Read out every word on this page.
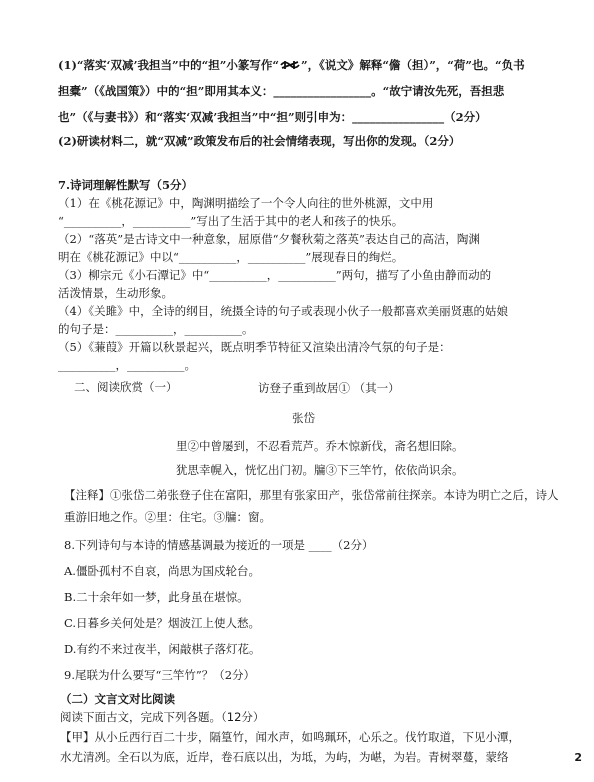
(1)“落实‘双减’我担当”中的“担”小篆写作“ ”，《说文》解释“儋（担）”，“荷”也。“负书
担橐”（《战国策》）中的“担”即用其本义：_________________。“故宁请汝先死，吾担悲
也”（《与妻书》）和“落实‘双减’我担当”中“担”则引申为：________________（2分）
(2)研读材料二，就“双减”政策发布后的社会情绪表现，写出你的发现。（2分）
7.诗词理解性默写（5分）
（1）在《桃花源记》中，陶渊明描绘了一个令人向往的世外桃源，文中用
“__________，__________”写出了生活于其中的老人和孩子的快乐。
（2）“落英”是古诗文中一种意象，屈原借“夕餐秋菊之落英”表达自己的高洁，陶渊
明在《桃花源记》中以“__________，__________”展现春日的绚烂。
（3）柳宗元《小石潭记》中“__________，__________”两句，描写了小鱼由静而动的
活泼情景，生动形象。
（4）《关雎》中，全诗的纲目，统摄全诗的句子或表现小伙子一般都喜欢美丽贤惠的姑娘
的句子是：__________，__________。
（5）《蒹葭》开篇以秋景起兴，既点明季节特征又渲染出清冷气氛的句子是：
__________，__________。
二、阅读欣赏（一）	访登子重到故居① （其一）
张岱
里②中曾屡到，不忍看荒芦。乔木惊新伐，斋名想旧除。
犹思幸幌入，恍忆出门初。牖③下三竿竹，依依尚识余。
【注释】①张岱二弟张登子住在富阳，那里有张家田产，张岱常前往探亲。本诗为明亡之后，诗人
重游旧地之作。②里：住宅。③牖：窗。
8.下列诗句与本诗的情感基调最为接近的一项是 ____（2分）
A.僵卧孤村不自哀，尚思为国戍轮台。
B.二十余年如一梦，此身虽在堪惊。
C.日暮乡关何处是？烟波江上使人愁。
D.有约不来过夜半，闲敲棋子落灯花。
9.尾联为什么要写“三竿竹”？（2分）
（二）文言文对比阅读
阅读下面古文，完成下列各题。（12分）
【甲】从小丘西行百二十步，隔篁竹，闻水声，如鸣珮环，心乐之。伐竹取道，下见小潭，
水尤清冽。全石以为底，近岸，卷石底以出，为坻，为屿，为嵁，为岩。青树翠蔓，蒙络	2
